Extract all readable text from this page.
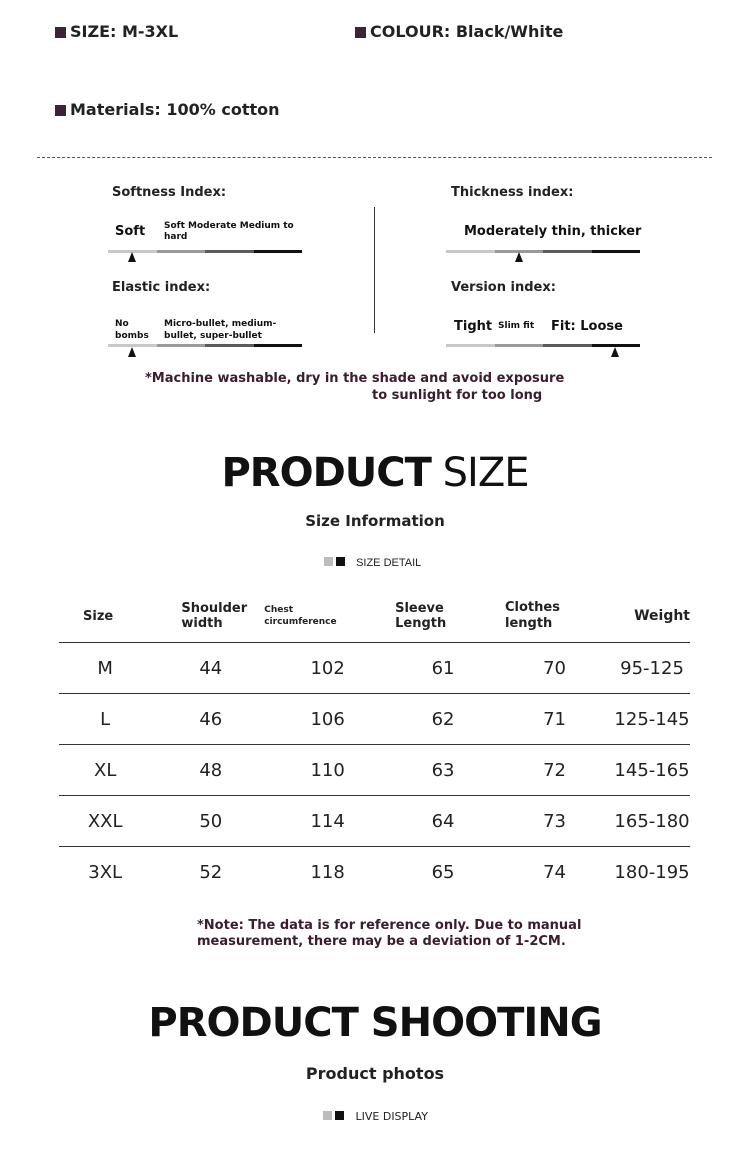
SIZE: M-3XL	COLOUR: Black/White
Materials: 100% cotton
Softness Index:
Soft Soft Moderate Medium to hard
Thickness index:
Moderately thin, thicker
Elastic index:
No bombs
Micro-bullet, medium-bullet, super-bullet
Version index:
Tight Slim fit Fit: Loose
*Machine washable, dry in the shade and avoid exposure
to sunlight for too long
PRODUCT SIZE
Size Information
SIZE DETAIL
Size	Shoulder width	Chest circumference	Sleeve Length	Clothes length	Weight
M	44	102	61	70	95-125
L	46	106	62	71	125-145
XL	48	110	63	72	145-165
XXL	50	114	64	73	165-180
3XL	52	118	65	74	180-195
*Note: The data is for reference only. Due to manual
measurement, there may be a deviation of 1-2CM.
PRODUCT SHOOTING
Product photos
LIVE DISPLAY
